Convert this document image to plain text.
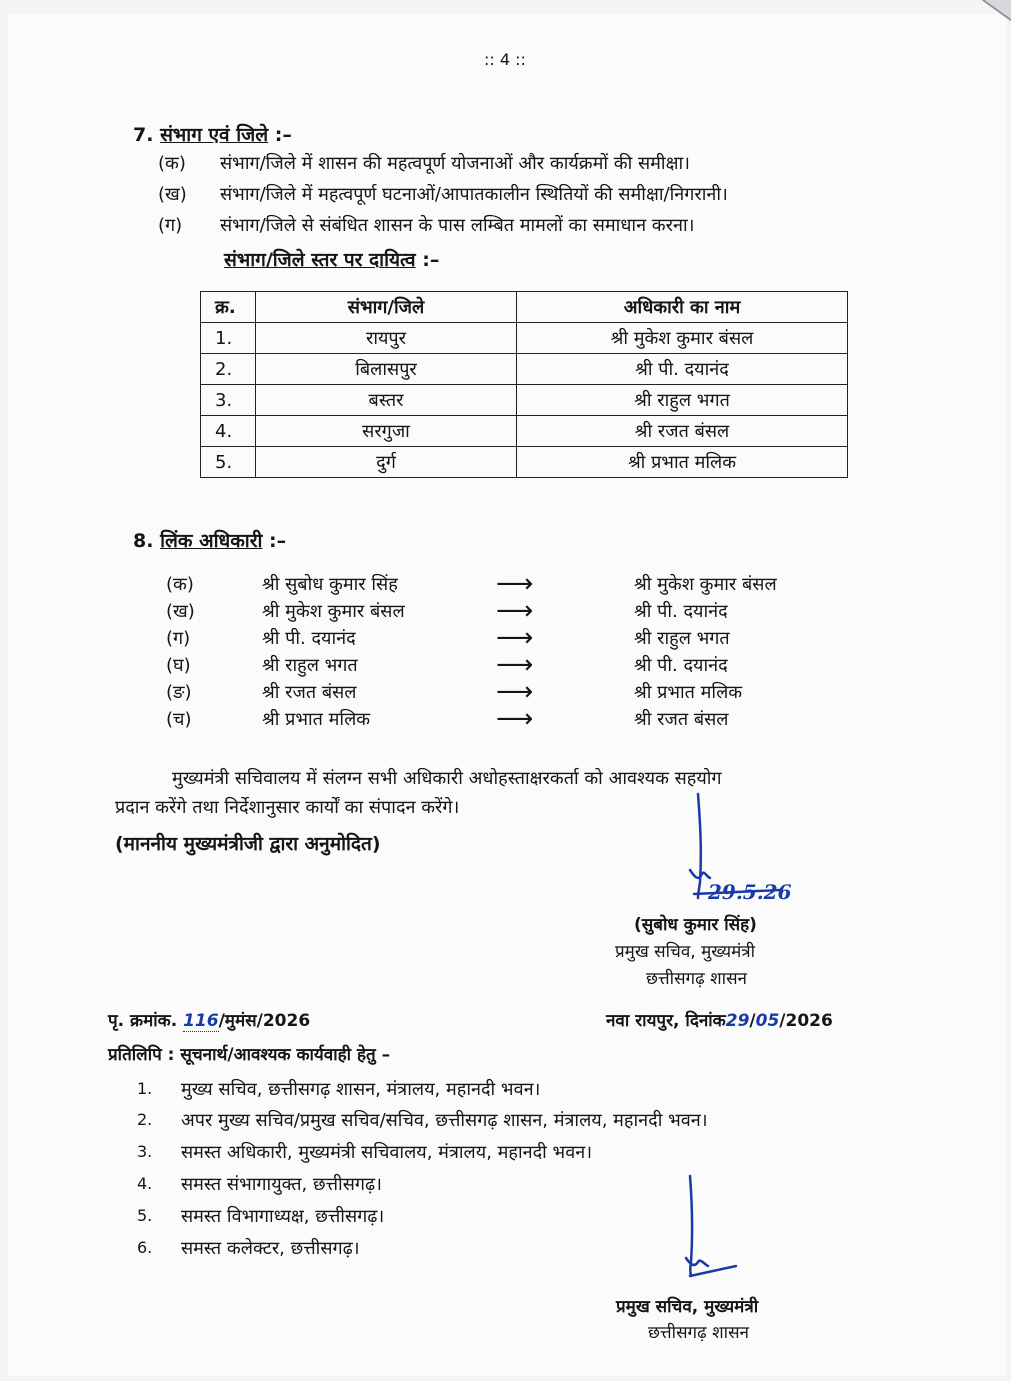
:: 4 ::
7. संभाग एवं जिले :–
(क)	संभाग/जिले में शासन की महत्वपूर्ण योजनाओं और कार्यक्रमों की समीक्षा।
(ख)	संभाग/जिले में महत्वपूर्ण घटनाओं/आपातकालीन स्थितियों की समीक्षा/निगरानी।
(ग)	संभाग/जिले से संबंधित शासन के पास लम्बित मामलों का समाधान करना।
संभाग/जिले स्तर पर दायित्व :–
क्र.	संभाग/जिले	अधिकारी का नाम
1.	रायपुर	श्री मुकेश कुमार बंसल
2.	बिलासपुर	श्री पी. दयानंद
3.	बस्तर	श्री राहुल भगत
4.	सरगुजा	श्री रजत बंसल
5.	दुर्ग	श्री प्रभात मलिक
8. लिंक अधिकारी :–
(क)	श्री सुबोध कुमार सिंह	⟶	श्री मुकेश कुमार बंसल
(ख)	श्री मुकेश कुमार बंसल	⟶	श्री पी. दयानंद
(ग)	श्री पी. दयानंद	⟶	श्री राहुल भगत
(घ)	श्री राहुल भगत	⟶	श्री पी. दयानंद
(ङ)	श्री रजत बंसल	⟶	श्री प्रभात मलिक
(च)	श्री प्रभात मलिक	⟶	श्री रजत बंसल
मुख्यमंत्री सचिवालय में संलग्न सभी अधिकारी अधोहस्ताक्षरकर्ता को आवश्यक सहयोग
प्रदान करेंगे तथा निर्देशानुसार कार्यों का संपादन करेंगे।
(माननीय मुख्यमंत्रीजी द्वारा अनुमोदित)
29.5.26
(सुबोध कुमार सिंह)
प्रमुख सचिव, मुख्यमंत्री
छत्तीसगढ़ शासन
पृ. क्रमांक. 116/मुमंस/2026	नवा रायपुर, दिनांक29/05/2026
प्रतिलिपि : सूचनार्थ/आवश्यक कार्यवाही हेतु –
1. मुख्य सचिव, छत्तीसगढ़ शासन, मंत्रालय, महानदी भवन।
2. अपर मुख्य सचिव/प्रमुख सचिव/सचिव, छत्तीसगढ़ शासन, मंत्रालय, महानदी भवन।
3. समस्त अधिकारी, मुख्यमंत्री सचिवालय, मंत्रालय, महानदी भवन।
4. समस्त संभागायुक्त, छत्तीसगढ़।
5. समस्त विभागाध्यक्ष, छत्तीसगढ़।
6. समस्त कलेक्टर, छत्तीसगढ़।
प्रमुख सचिव, मुख्यमंत्री
छत्तीसगढ़ शासन
